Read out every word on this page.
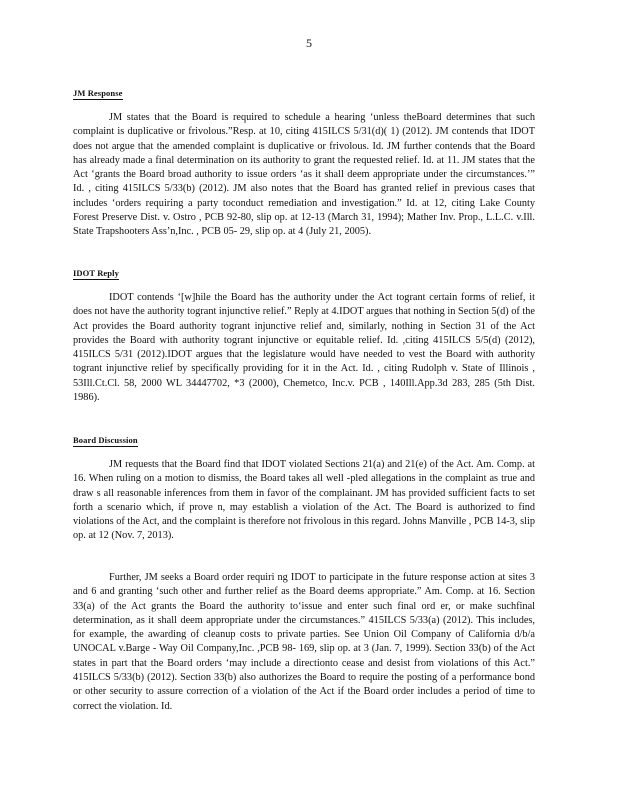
5
JM Response

JM states that the Board is required to schedule a hearing ‘unless theBoard determines that such complaint is duplicative or frivolous.”Resp. at 10, citing 415ILCS 5/31(d)( 1) (2012). JM contends that IDOT does not argue that the amended complaint is duplicative or frivolous. Id. JM further contends that the Board has already made a final determination on its authority to grant the requested relief. Id. at 11. JM states that the Act ‘grants the Board broad authority to issue orders ‘as it shall deem appropriate under the circumstances.’” Id. , citing 415ILCS 5/33(b) (2012). JM also notes that the Board has granted relief in previous cases that includes ‘orders requiring a party toconduct remediation and investigation.” Id. at 12, citing Lake County Forest Preserve Dist. v. Ostro , PCB 92-80, slip op. at 12-13 (March 31, 1994); Mather Inv. Prop., L.L.C. v.Ill. State Trapshooters Ass’n,Inc. , PCB 05- 29, slip op. at 4 (July 21, 2005).

IDOT Reply

IDOT contends ‘[w]hile the Board has the authority under the Act togrant certain forms of relief, it does not have the authority togrant injunctive relief.” Reply at 4.IDOT argues that nothing in Section 5(d) of the Act provides the Board authority togrant injunctive relief and, similarly, nothing in Section 31 of the Act provides the Board with authority togrant injunctive or equitable relief. Id. ,citing 415ILCS 5/5(d) (2012), 415ILCS 5/31 (2012).IDOT argues that the legislature would have needed to vest the Board with authority togrant injunctive relief by specifically providing for it in the Act. Id. , citing Rudolph v. State of Illinois , 53Ill.Ct.Cl. 58, 2000 WL 34447702, *3 (2000), Chemetco, Inc.v. PCB , 140Ill.App.3d 283, 285 (5th Dist. 1986).

Board Discussion

JM requests that the Board find that IDOT violated Sections 21(a) and 21(e) of the Act. Am. Comp. at 16. When ruling on a motion to dismiss, the Board takes all well -pled allegations in the complaint as true and draw s all reasonable inferences from them in favor of the complainant. JM has provided sufficient facts to set forth a scenario which, if prove n, may establish a violation of the Act. The Board is authorized to find violations of the Act, and the complaint is therefore not frivolous in this regard. Johns Manville , PCB 14-3, slip op. at 12 (Nov. 7, 2013).

Further, JM seeks a Board order requiri ng IDOT to participate in the future response action at sites 3 and 6 and granting ‘such other and further relief as the Board deems appropriate.” Am. Comp. at 16. Section 33(a) of the Act grants the Board the authority to‘issue and enter such final ord er, or make suchfinal determination, as it shall deem appropriate under the circumstances.” 415ILCS 5/33(a) (2012). This includes, for example, the awarding of cleanup costs to private parties. See Union Oil Company of California d/b/a UNOCAL v.Barge - Way Oil Company,Inc. ,PCB 98- 169, slip op. at 3 (Jan. 7, 1999). Section 33(b) of the Act states in part that the Board orders ‘may include a directionto cease and desist from violations of this Act.” 415ILCS 5/33(b) (2012). Section 33(b) also authorizes the Board to require the posting of a performance bond or other security to assure correction of a violation of the Act if the Board order includes a period of time to correct the violation. Id.
